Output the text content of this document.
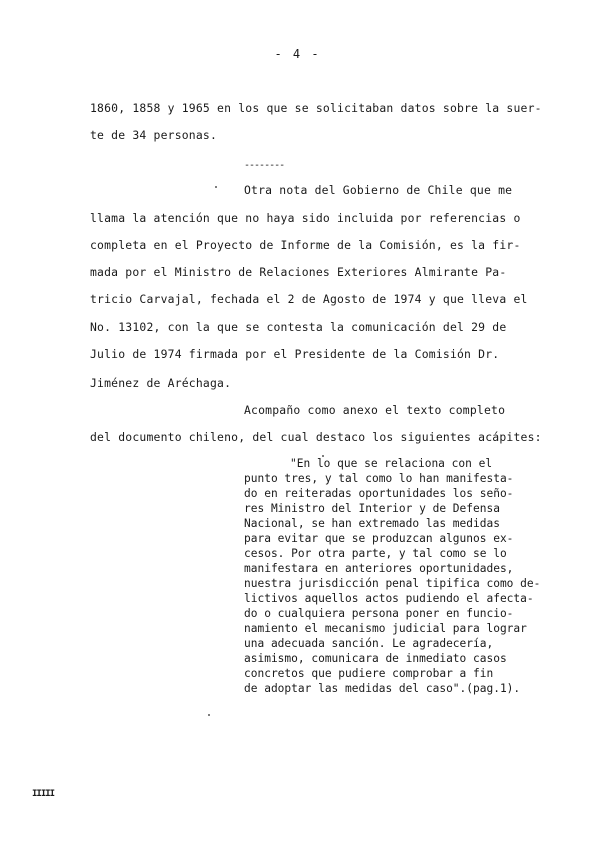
- 4 -
1860, 1858 y 1965 en los que se solicitaban datos sobre la suer-
te de 34 personas.
--------
Otra nota del Gobierno de Chile que me
llama la atención que no haya sido incluida por referencias o
completa en el Proyecto de Informe de la Comisión, es la fir-
mada por el Ministro de Relaciones Exteriores Almirante Pa-
tricio Carvajal, fechada el 2 de Agosto de 1974 y que lleva el
No. 13102, con la que se contesta la comunicación del 29 de
Julio de 1974 firmada por el Presidente de la Comisión Dr.
Jiménez de Aréchaga.
Acompaño como anexo el texto completo
del documento chileno, del cual destaco los siguientes acápites:
"En lo que se relaciona con el
punto tres, y tal como lo han manifesta-
do en reiteradas oportunidades los seño-
res Ministro del Interior y de Defensa
Nacional, se han extremado las medidas
para evitar que se produzcan algunos ex-
cesos. Por otra parte, y tal como se lo
manifestara en anteriores oportunidades,
nuestra jurisdicción penal tipifica como de-
lictivos aquellos actos pudiendo el afecta-
do o cualquiera persona poner en funcio-
namiento el mecanismo judicial para lograr
una adecuada sanción. Le agradecería,
asimismo, comunicara de inmediato casos
concretos que pudiere comprobar a fin
de adoptar las medidas del caso".(pag.1).
IIIII
